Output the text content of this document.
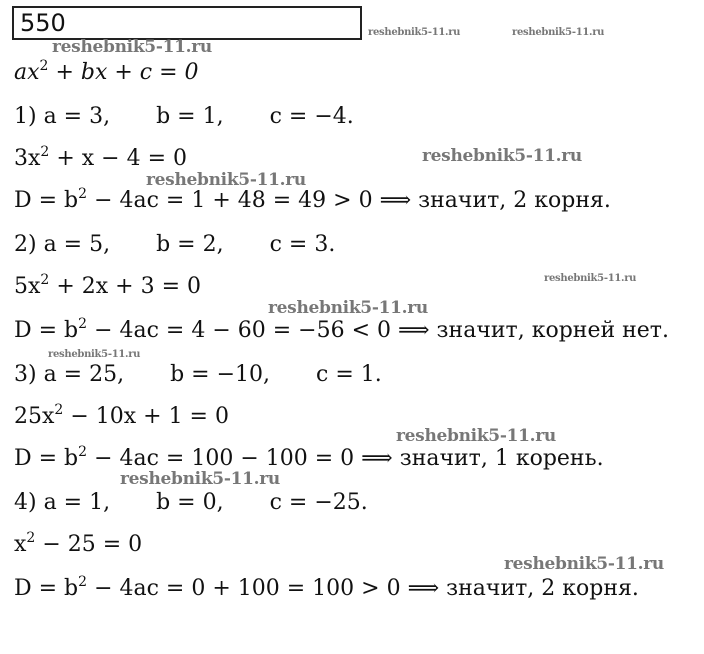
550	reshebnik5-11.ru	reshebnik5-11.ru
reshebnik5-11.ru
reshebnik5-11.ru
reshebnik5-11.ru
reshebnik5-11.ru
reshebnik5-11.ru
reshebnik5-11.ru
reshebnik5-11.ru
reshebnik5-11.ru
reshebnik5-11.ru
$ax^2$ + bx + c = 0
1) a = 3, b = 1, c = −4.
$3x^2 + x - 4 = 0$
$D = b^2 - 4ac = 1 + 48 = 49 > 0$ ⟹ значит, 2 корня.
2) a = 5, b = 2, c = 3.
$5x^2 + 2x + 3 = 0$
$D = b^2 - 4ac = 4 - 60 = -56 < 0$ ⟹ значит, корней нет.
3) a = 25, b = −10, c = 1.
$25x^2 - 10x + 1 = 0$
$D = b^2 - 4ac = 100 - 100 = 0$ ⟹ значит, 1 корень.
4) a = 1, b = 0, c = −25.
$x^2 - 25 = 0$
$D = b^2 - 4ac = 0 + 100 = 100 > 0$ ⟹ значит, 2 корня.
